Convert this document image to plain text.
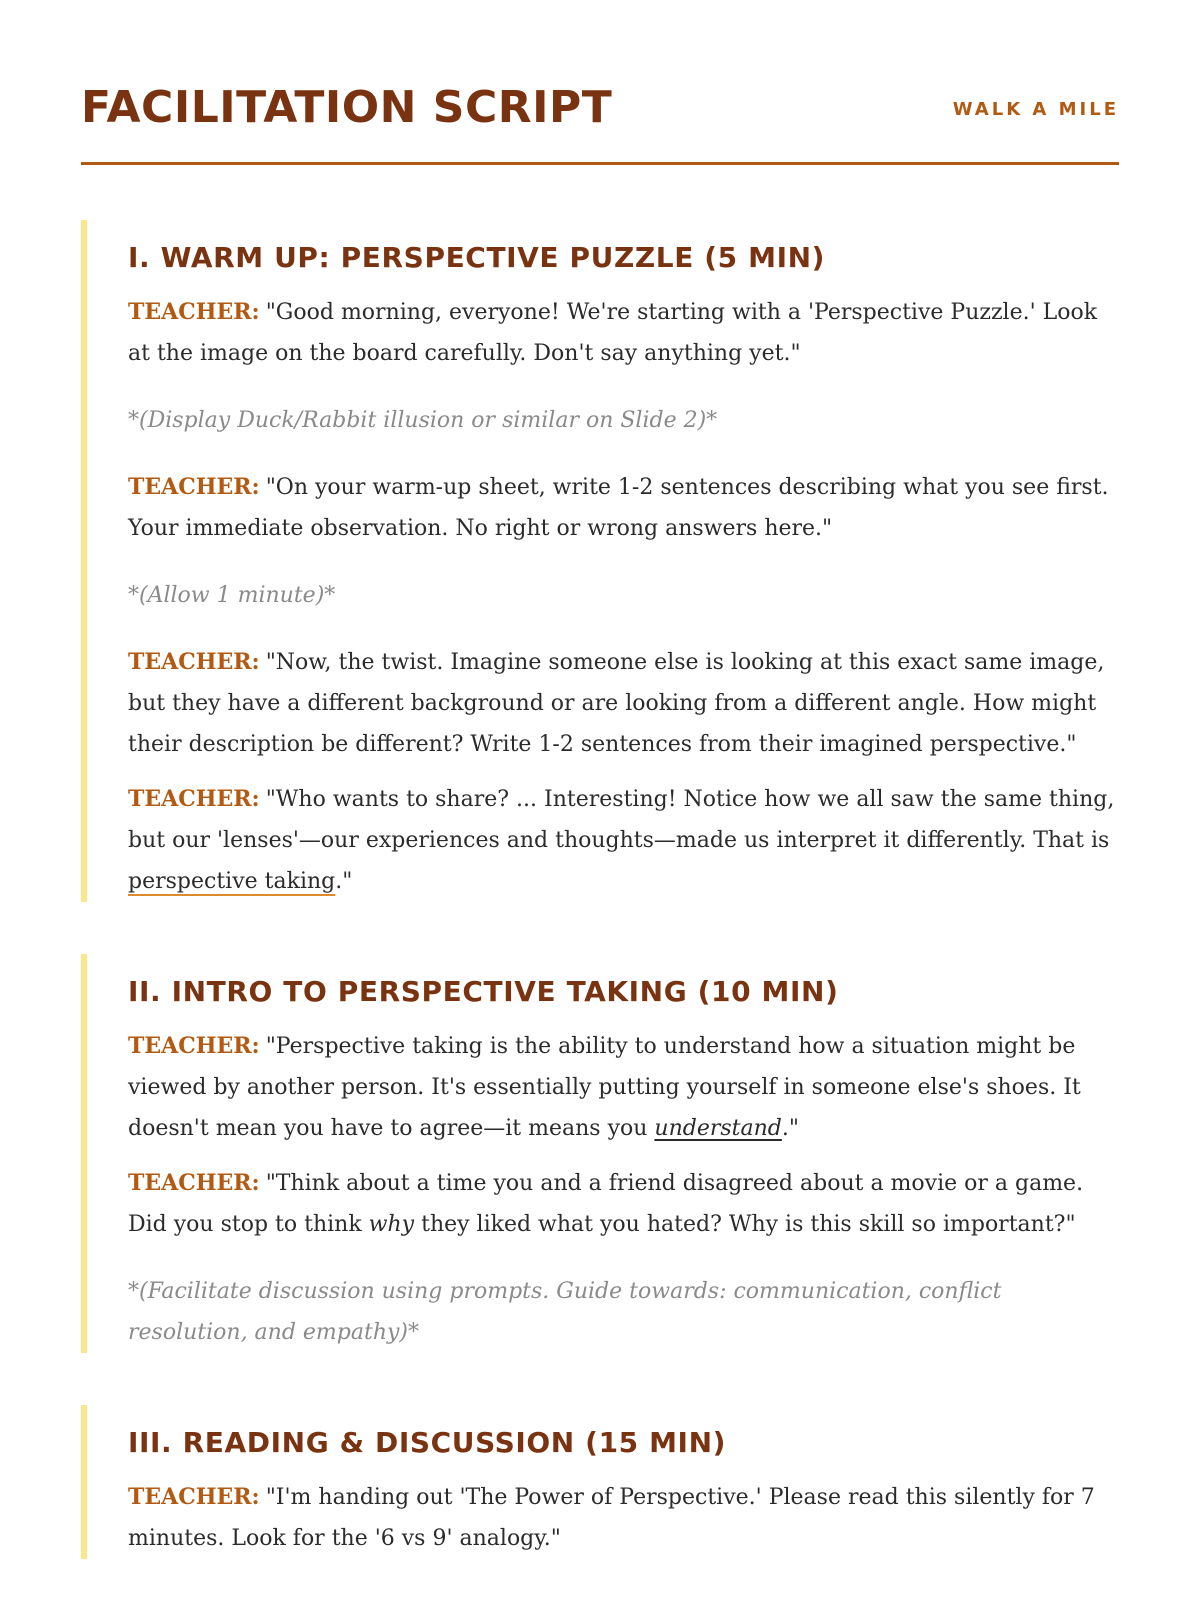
FACILITATION SCRIPT	WALK A MILE
I. WARM UP: PERSPECTIVE PUZZLE (5 MIN)

TEACHER: "Good morning, everyone! We're starting with a 'Perspective Puzzle.' Look at the image on the board carefully. Don't say anything yet."

*(Display Duck/Rabbit illusion or similar on Slide 2)*

TEACHER: "On your warm-up sheet, write 1-2 sentences describing what you see first. Your immediate observation. No right or wrong answers here."

*(Allow 1 minute)*

TEACHER: "Now, the twist. Imagine someone else is looking at this exact same image, but they have a different background or are looking from a different angle. How might their description be different? Write 1-2 sentences from their imagined perspective."

TEACHER: "Who wants to share? ... Interesting! Notice how we all saw the same thing, but our 'lenses'—our experiences and thoughts—made us interpret it differently. That is perspective taking."

II. INTRO TO PERSPECTIVE TAKING (10 MIN)

TEACHER: "Perspective taking is the ability to understand how a situation might be viewed by another person. It's essentially putting yourself in someone else's shoes. It doesn't mean you have to agree—it means you understand."

TEACHER: "Think about a time you and a friend disagreed about a movie or a game. Did you stop to think why they liked what you hated? Why is this skill so important?"

*(Facilitate discussion using prompts. Guide towards: communication, conflict resolution, and empathy)*

III. READING & DISCUSSION (15 MIN)

TEACHER: "I'm handing out 'The Power of Perspective.' Please read this silently for 7 minutes. Look for the '6 vs 9' analogy."
